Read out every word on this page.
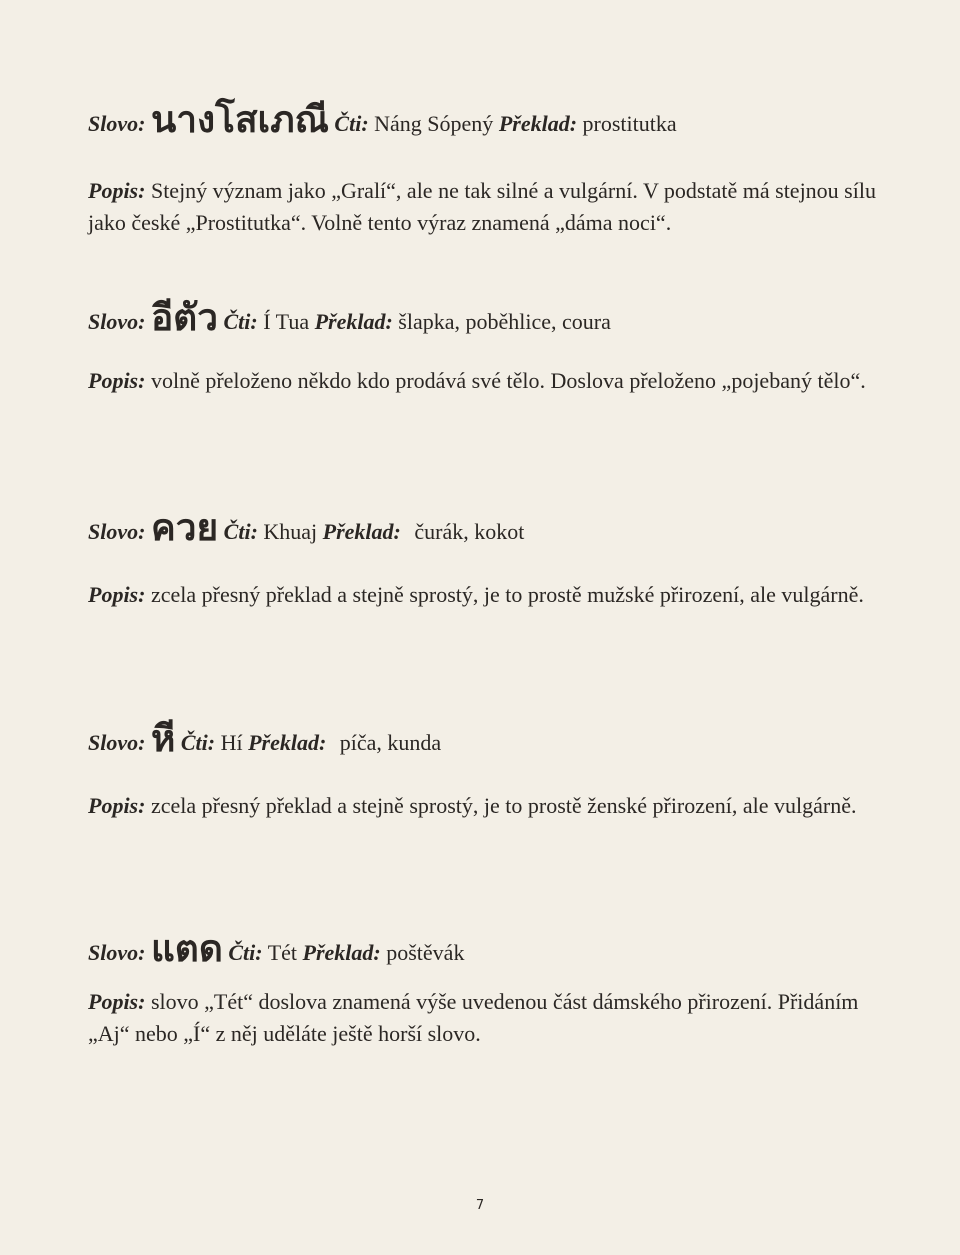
Slovo: นางโสเภณี Čti: Náng Sópený Překlad: prostitutka
Popis: Stejný význam jako „Gralí“, ale ne tak silné a vulgární. V podstatě má stejnou sílu jako české „Prostitutka“. Volně tento výraz znamená „dáma noci“.
Slovo: อีตัว Čti: Í Tua Překlad: šlapka, poběhlice, coura
Popis: volně přeloženo někdo kdo prodává své tělo. Doslova přeloženo „pojebaný tělo“.
Slovo: ควย Čti: Khuaj Překlad: čurák, kokot
Popis: zcela přesný překlad a stejně sprostý, je to prostě mužské přirození, ale vulgárně.
Slovo: หี Čti: Hí Překlad: píča, kunda
Popis: zcela přesný překlad a stejně sprostý, je to prostě ženské přirození, ale vulgárně.
Slovo: แตด Čti: Tét Překlad: poštěvák
Popis: slovo „Tét“ doslova znamená výše uvedenou část dámského přirození. Přidáním „Aj“ nebo „Í“ z něj uděláte ještě horší slovo.
7
